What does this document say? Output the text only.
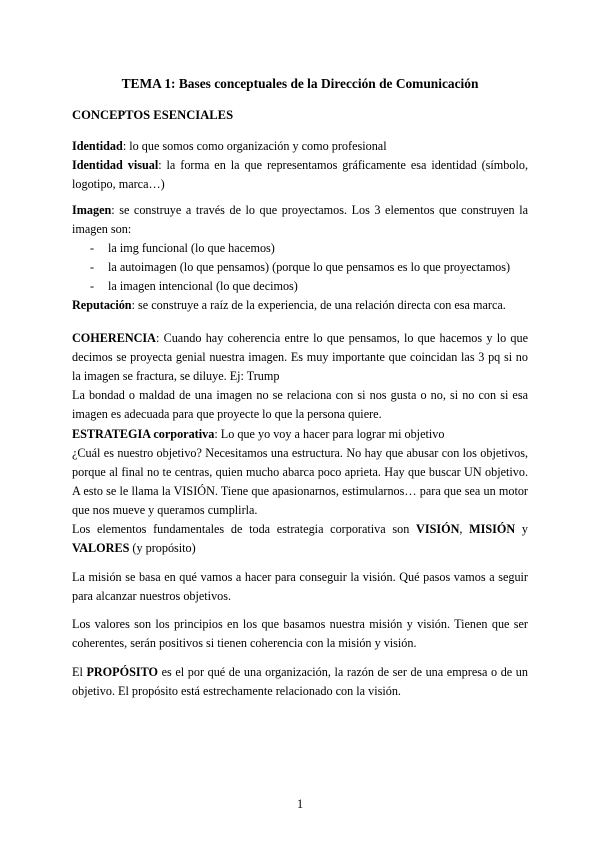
TEMA 1: Bases conceptuales de la Dirección de Comunicación
CONCEPTOS ESENCIALES

Identidad: lo que somos como organización y como profesional

Identidad visual: la forma en la que representamos gráficamente esa identidad (símbolo, logotipo, marca…)

Imagen: se construye a través de lo que proyectamos. Los 3 elementos que construyen la imagen son:

- la img funcional (lo que hacemos)
- la autoimagen (lo que pensamos) (porque lo que pensamos es lo que proyectamos)
- la imagen intencional (lo que decimos)

Reputación: se construye a raíz de la experiencia, de una relación directa con esa marca.

COHERENCIA: Cuando hay coherencia entre lo que pensamos, lo que hacemos y lo que decimos se proyecta genial nuestra imagen. Es muy importante que coincidan las 3 pq si no la imagen se fractura, se diluye. Ej: Trump

La bondad o maldad de una imagen no se relaciona con si nos gusta o no, si no con si esa imagen es adecuada para que proyecte lo que la persona quiere.

ESTRATEGIA corporativa: Lo que yo voy a hacer para lograr mi objetivo

¿Cuál es nuestro objetivo? Necesitamos una estructura. No hay que abusar con los objetivos, porque al final no te centras, quien mucho abarca poco aprieta. Hay que buscar UN objetivo. A esto se le llama la VISIÓN. Tiene que apasionarnos, estimularnos… para que sea un motor que nos mueve y queramos cumplirla.

Los elementos fundamentales de toda estrategia corporativa son VISIÓN, MISIÓN y VALORES (y propósito)

La misión se basa en qué vamos a hacer para conseguir la visión. Qué pasos vamos a seguir para alcanzar nuestros objetivos.

Los valores son los principios en los que basamos nuestra misión y visión. Tienen que ser coherentes, serán positivos si tienen coherencia con la misión y visión.

El PROPÓSITO es el por qué de una organización, la razón de ser de una empresa o de un objetivo. El propósito está estrechamente relacionado con la visión.

1
